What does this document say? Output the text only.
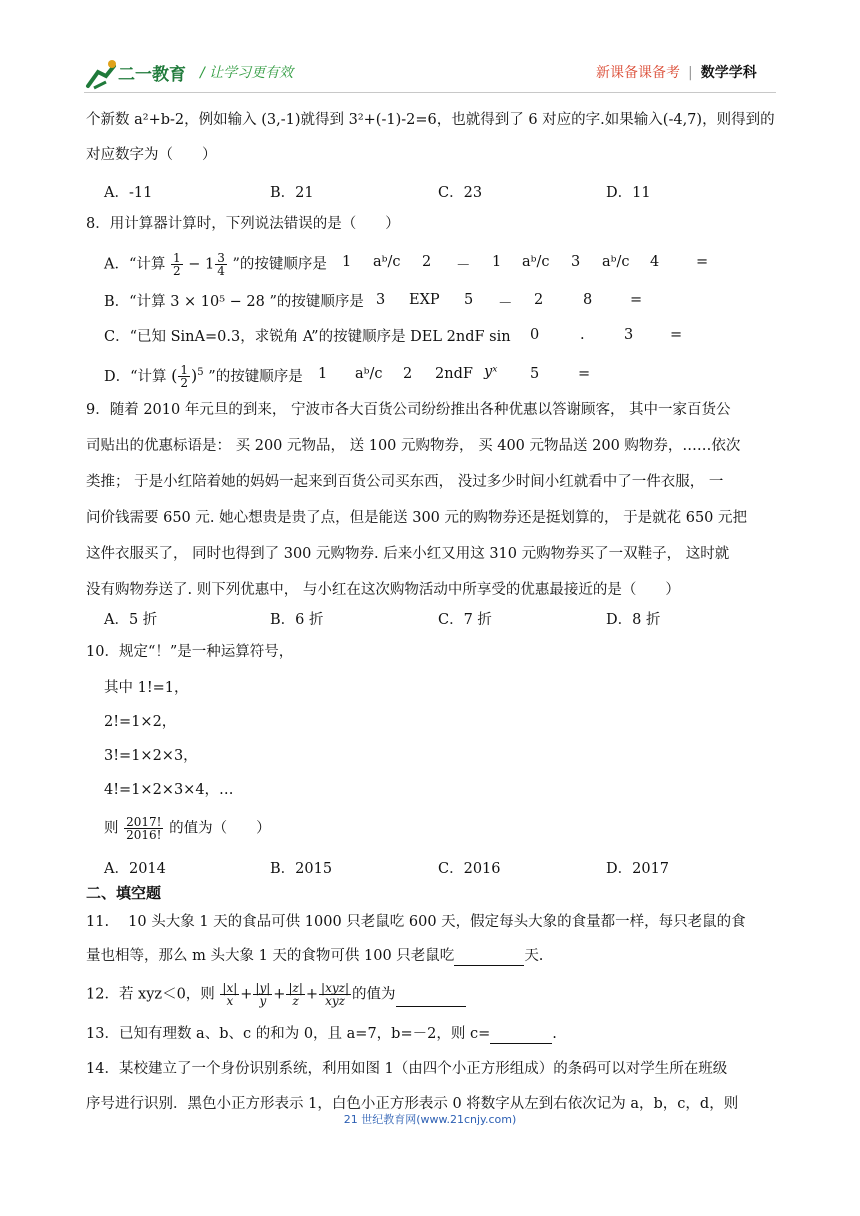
二一教育 / 让学习更有效	新课备课备考 | 数学学科
个新数 a²+b-2，例如输入 (3,-1)就得到 3²+(-1)-2=6，也就得到了 6 对应的字.如果输入(-4,7)，则得到的
对应数字为（　　）
A．-11	B．21	C．23	D．11
8．用计算器计算时，下列说法错误的是（　　）
A．“计算 $\frac{1}{2} - 1 \frac{3}{4}$ ”的按键顺序是 1 aᵇ/c 2 － 1 aᵇ/c 3 aᵇ/c 4	=
B．“计算 3 × 10⁵ − 28 ”的按键顺序是 3 EXP 5 － 2	8	=
C．“已知 SinA=0.3，求锐角 A”的按键顺序是 DEL 2ndF sin 0	.	3	=
D．“计算 ( $\frac{1}{2} )^5$ ”的按键顺序是 1 aᵇ/c 2 2ndF yˣ 5	=
9．随着 2010 年元旦的到来， 宁波市各大百货公司纷纷推出各种优惠以答谢顾客， 其中一家百货公
司贴出的优惠标语是： 买 200 元物品， 送 100 元购物券， 买 400 元物品送 200 购物券，……依次
类推； 于是小红陪着她的妈妈一起来到百货公司买东西， 没过多少时间小红就看中了一件衣服， 一
问价钱需要 650 元. 她心想贵是贵了点，但是能送 300 元的购物券还是挺划算的， 于是就花 650 元把
这件衣服买了， 同时也得到了 300 元购物券. 后来小红又用这 310 元购物券买了一双鞋子， 这时就
没有购物券送了. 则下列优惠中， 与小红在这次购物活动中所享受的优惠最接近的是（　　）
A．5 折	B．6 折	C．7 折	D．8 折
10．规定“！”是一种运算符号，
其中 1!=1，
2!=1×2，
3!=1×2×3，
4!=1×2×3×4，…
则 $\frac{2017!}{2016!}$ 的值为（　　）
A．2014	B．2015	C．2016	D．2017
二、填空题
11.　 10 头大象 1 天的食品可供 1000 只老鼠吃 600 天，假定每头大象的食量都一样，每只老鼠的食
量也相等，那么 m 头大象 1 天的食物可供 100 只老鼠吃	天.
12．若 xyz＜0，则 $\frac{|x|}{x} + \frac{|y|}{y} + \frac{|z|}{z} + \frac{\text{|xyz|}}{\text{xyz}}$ 的值为
13．已知有理数 a、b、c 的和为 0，且 a=7，b=－2，则 c=	.
14．某校建立了一个身份识别系统，利用如图 1（由四个小正方形组成）的条码可以对学生所在班级
序号进行识别．黑色小正方形表示 1，白色小正方形表示 0 将数字从左到右依次记为 a，b，c，d，则
21 世纪教育网(www.21cnjy.com)
